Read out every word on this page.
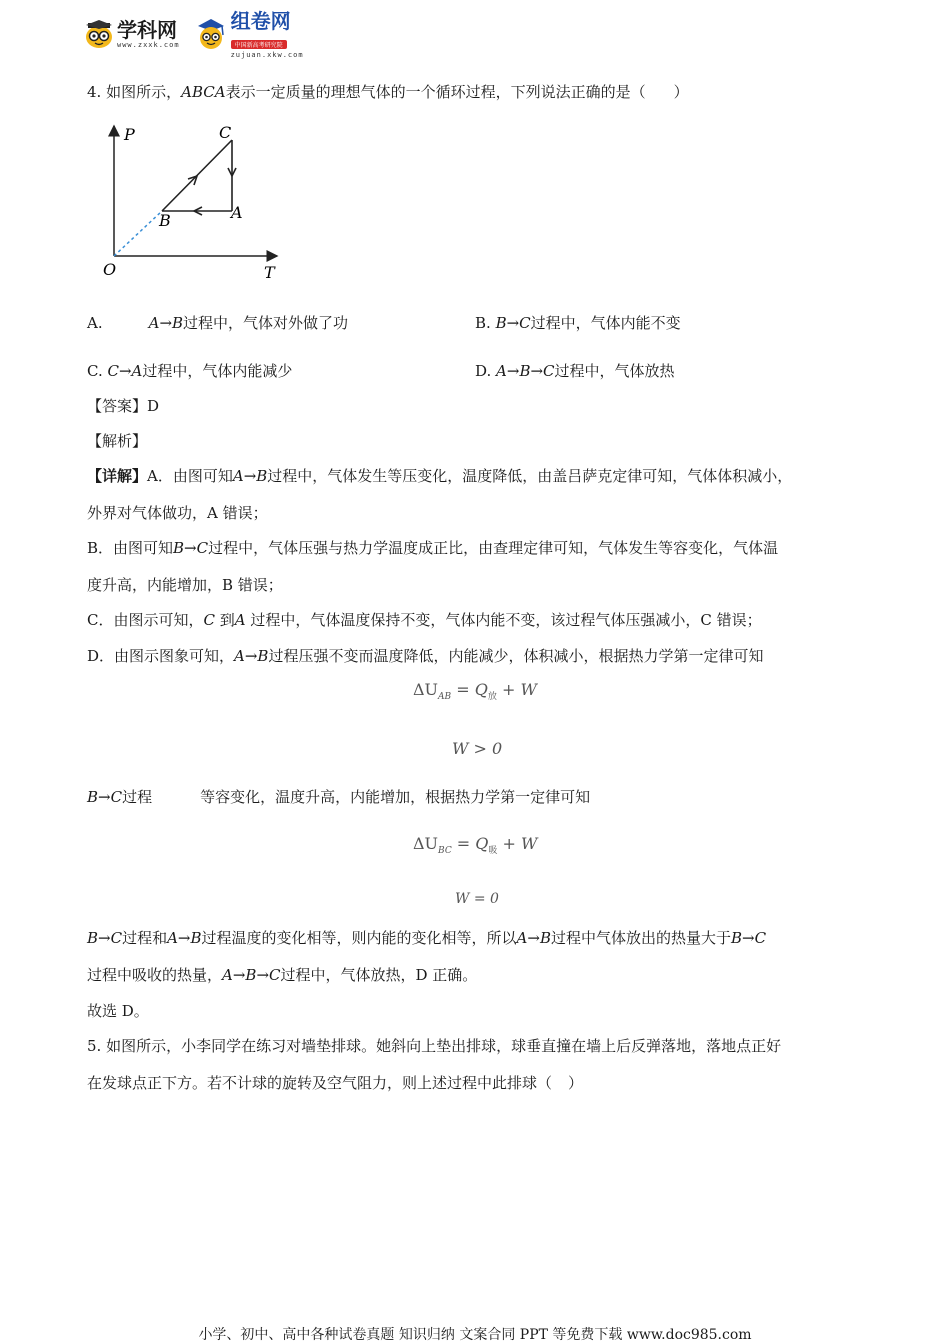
学科网
www.zxxk.com
组卷网
中国新高考研究院
zujuan.xkw.com
4. 如图所示，ABCA表示一定质量的理想气体的一个循环过程，下列说法正确的是（ ）
P
T
O
C
B	A
A.	A→B过程中，气体对外做了功	B. B→C过程中，气体内能不变
C. C→A过程中，气体内能减少	D. A→B→C过程中，气体放热
【答案】D
【解析】
【详解】A．由图可知A→B过程中，气体发生等压变化，温度降低，由盖吕萨克定律可知，气体体积减小，
外界对气体做功，A 错误；
B．由图可知B→C过程中，气体压强与热力学温度成正比，由查理定律可知，气体发生等容变化，气体温
度升高，内能增加，B 错误；
C．由图示可知，C 到A 过程中，气体温度保持不变，气体内能不变，该过程气体压强减小，C 错误；
D．由图示图象可知，A→B过程压强不变而温度降低，内能减少，体积减小，根据热力学第一定律可知
$\Delta U_{AB} = Q_放 + W$
W > 0
B→C过程	等容变化，温度升高，内能增加，根据热力学第一定律可知
$\Delta U_{BC} = Q_吸 + W$
W = 0
B→C过程和A→B过程温度的变化相等，则内能的变化相等，所以A→B过程中气体放出的热量大于B→C
过程中吸收的热量，A→B→C过程中，气体放热，D 正确。
故选 D。
5. 如图所示，小李同学在练习对墙垫排球。她斜向上垫出排球，球垂直撞在墙上后反弹落地，落地点正好
在发球点正下方。若不计球的旋转及空气阻力，则上述过程中此排球（ ）
小学、初中、高中各种试卷真题 知识归纳 文案合同 PPT 等免费下载 www.doc985.com
